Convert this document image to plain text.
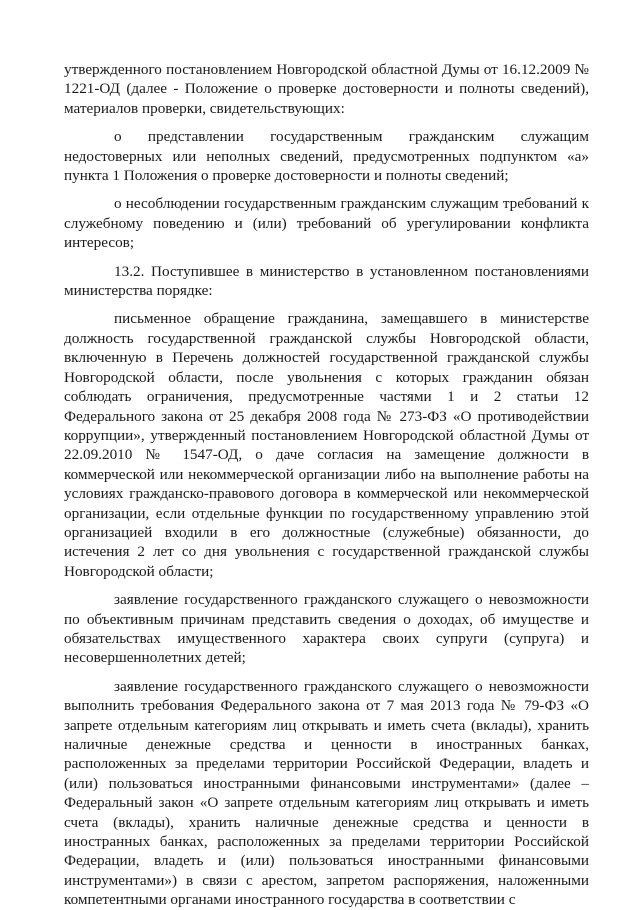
утвержденного постановлением Новгородской областной Думы от 16.12.2009 № 1221-ОД (далее - Положение о проверке достоверности и полноты сведений), материалов проверки, свидетельствующих:

о представлении государственным гражданским служащим недостоверных или неполных сведений, предусмотренных подпунктом «а» пункта 1 Положения о проверке достоверности и полноты сведений;

о несоблюдении государственным гражданским служащим требований к служебному поведению и (или) требований об урегулировании конфликта интересов;

13.2. Поступившее в министерство в установленном постановлениями министерства порядке:

письменное обращение гражданина, замещавшего в министерстве должность государственной гражданской службы Новгородской области, включенную в Перечень должностей государственной гражданской службы Новгородской области, после увольнения с которых гражданин обязан соблюдать ограничения, предусмотренные частями 1 и 2 статьи 12 Федерального закона от 25 декабря 2008 года № 273-ФЗ «О противодействии коррупции», утвержденный постановлением Новгородской областной Думы от 22.09.2010 № 1547-ОД, о даче согласия на замещение должности в коммерческой или некоммерческой организации либо на выполнение работы на условиях гражданско-правового договора в коммерческой или некоммерческой организации, если отдельные функции по государственному управлению этой организацией входили в его должностные (служебные) обязанности, до истечения 2 лет со дня увольнения с государственной гражданской службы Новгородской области;

заявление государственного гражданского служащего о невозможности по объективным причинам представить сведения о доходах, об имуществе и обязательствах имущественного характера своих супруги (супруга) и несовершеннолетних детей;

заявление государственного гражданского служащего о невозможности выполнить требования Федерального закона от 7 мая 2013 года № 79-ФЗ «О запрете отдельным категориям лиц открывать и иметь счета (вклады), хранить наличные денежные средства и ценности в иностранных банках, расположенных за пределами территории Российской Федерации, владеть и (или) пользоваться иностранными финансовыми инструментами» (далее – Федеральный закон «О запрете отдельным категориям лиц открывать и иметь счета (вклады), хранить наличные денежные средства и ценности в иностранных банках, расположенных за пределами территории Российской Федерации, владеть и (или) пользоваться иностранными финансовыми инструментами») в связи с арестом, запретом распоряжения, наложенными компетентными органами иностранного государства в соответствии с
